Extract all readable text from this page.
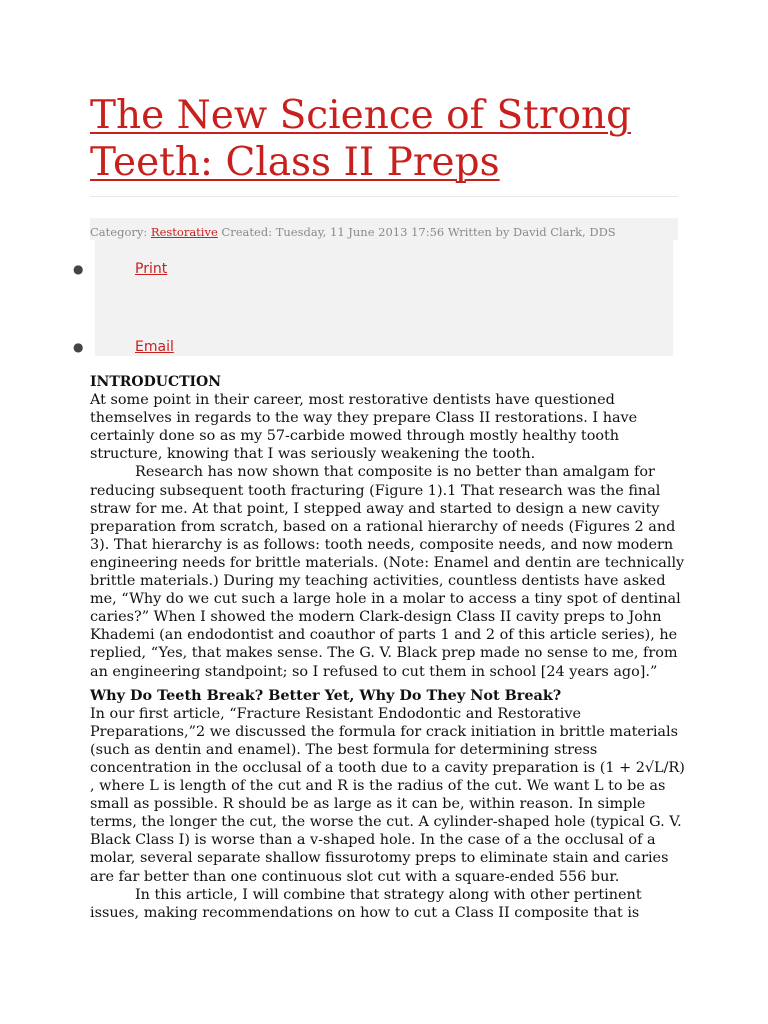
The New Science of Strong Teeth: Class II Preps
Category: Restorative Created: Tuesday, 11 June 2013 17:56 Written by David Clark, DDS
●	Print
●	Email

INTRODUCTION

At some point in their career, most restorative dentists have questioned themselves in regards to the way they prepare Class II restorations. I have certainly done so as my 57-carbide mowed through mostly healthy tooth structure, knowing that I was seriously weakening the tooth.

Research has now shown that composite is no better than amalgam for reducing subsequent tooth fracturing (Figure 1).1 That research was the final straw for me. At that point, I stepped away and started to design a new cavity preparation from scratch, based on a rational hierarchy of needs (Figures 2 and 3). That hierarchy is as follows: tooth needs, composite needs, and now modern engineering needs for brittle materials. (Note: Enamel and dentin are technically brittle materials.) During my teaching activities, countless dentists have asked me, “Why do we cut such a large hole in a molar to access a tiny spot of dentinal caries?” When I showed the modern Clark-design Class II cavity preps to John Khademi (an endodontist and coauthor of parts 1 and 2 of this article series), he replied, “Yes, that makes sense. The G. V. Black prep made no sense to me, from an engineering standpoint; so I refused to cut them in school [24 years ago].”

Why Do Teeth Break? Better Yet, Why Do They Not Break?

In our first article, “Fracture Resistant Endodontic and Restorative Preparations,”2 we discussed the formula for crack initiation in brittle materials (such as dentin and enamel). The best formula for determining stress concentration in the occlusal of a tooth due to a cavity preparation is (1 + 2√L/R) , where L is length of the cut and R is the radius of the cut. We want L to be as small as possible. R should be as large as it can be, within reason. In simple terms, the longer the cut, the worse the cut. A cylinder-shaped hole (typical G. V. Black Class I) is worse than a v-shaped hole. In the case of a the occlusal of a molar, several separate shallow fissurotomy preps to eliminate stain and caries are far better than one continuous slot cut with a square-ended 556 bur.

In this article, I will combine that strategy along with other pertinent issues, making recommendations on how to cut a Class II composite that is
